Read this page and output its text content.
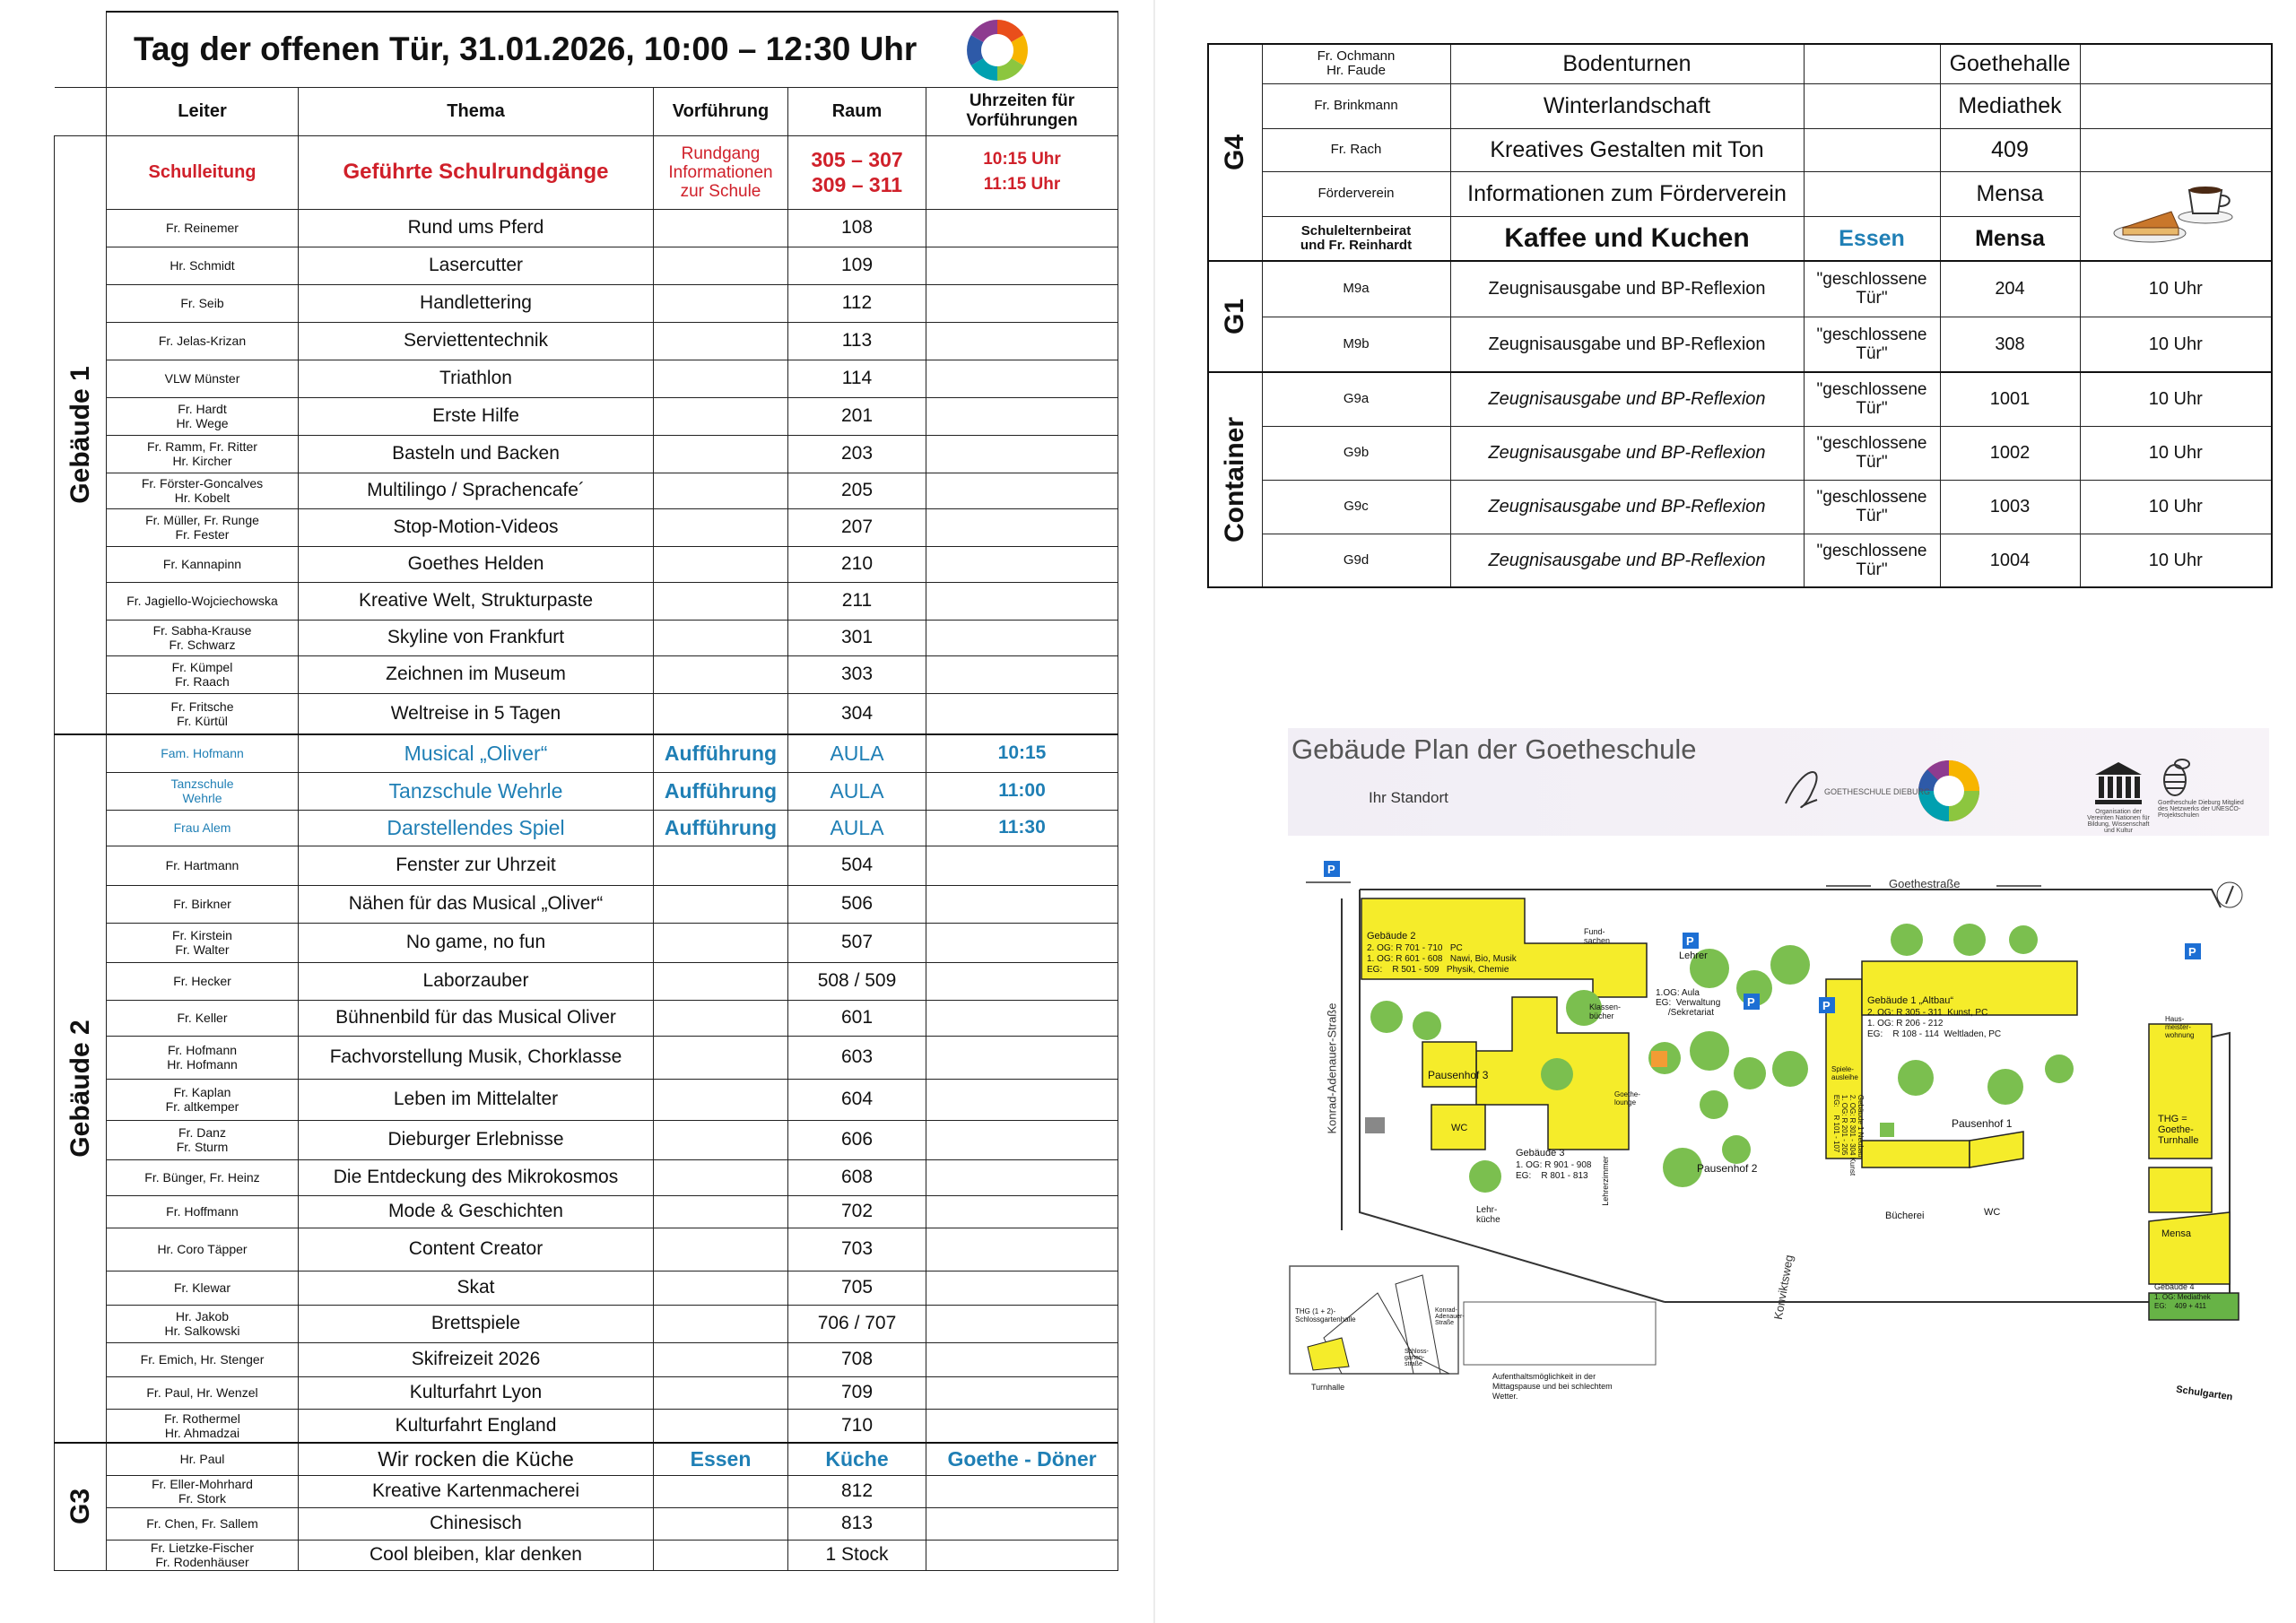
	Tag der offenen Tür, 31.01.2026, 10:00 – 12:30 Uhr				

	Leiter	Thema	Vorführung	Raum	Uhrzeiten für Vorführungen

Gebäude 1	Schulleitung	Geführte Schulrundgänge	Rundgang Informationen zur Schule	305 – 307
309 – 311	10:15 Uhr
11:15 Uhr
	Fr. Reinemer	Rund ums Pferd		108	
	Hr. Schmidt	Lasercutter		109	
	Fr. Seib	Handlettering		112	
	Fr. Jelas-Krizan	Serviettentechnik		113	
	VLW Münster	Triathlon		114	
	Fr. Hardt
Hr. Wege	Erste Hilfe		201	
	Fr. Ramm, Fr. Ritter
Hr. Kircher	Basteln und Backen		203	
	Fr. Förster-Goncalves
Hr. Kobelt	Multilingo / Sprachencafe´		205	
	Fr. Müller, Fr. Runge
Fr. Fester	Stop-Motion-Videos		207	
	Fr. Kannapinn	Goethes Helden		210	
	Fr. Jagiello-Wojciechowska	Kreative Welt, Strukturpaste		211	
	Fr. Sabha-Krause
Fr. Schwarz	Skyline von Frankfurt		301	
	Fr. Kümpel
Fr. Raach	Zeichnen im Museum		303	
	Fr. Fritsche
Fr. Kürtül	Weltreise in 5 Tagen		304	

Gebäude 2	Fam. Hofmann	Musical „Oliver“	Aufführung	AULA	10:15
	Tanzschule
Wehrle	Tanzschule Wehrle	Aufführung	AULA	11:00
	Frau Alem	Darstellendes Spiel	Aufführung	AULA	11:30
	Fr. Hartmann	Fenster zur Uhrzeit		504	
	Fr. Birkner	Nähen für das Musical „Oliver“		506	
	Fr. Kirstein
Fr. Walter	No game, no fun		507	
	Fr. Hecker	Laborzauber		508 / 509	
	Fr. Keller	Bühnenbild für das Musical Oliver		601	
	Fr. Hofmann
Hr. Hofmann	Fachvorstellung Musik, Chorklasse		603	
	Fr. Kaplan
Fr. altkemper	Leben im Mittelalter		604	
	Fr. Danz
Fr. Sturm	Dieburger Erlebnisse		606	
	Fr. Bünger, Fr. Heinz	Die Entdeckung des Mikrokosmos		608	
	Fr. Hoffmann	Mode & Geschichten		702	
	Hr. Coro Täpper	Content Creator		703	
	Fr. Klewar	Skat		705	
	Hr. Jakob
Hr. Salkowski	Brettspiele		706 / 707	
	Fr. Emich, Hr. Stenger	Skifreizeit 2026		708	
	Fr. Paul, Hr. Wenzel	Kulturfahrt Lyon		709	
	Fr. Rothermel
Hr. Ahmadzai	Kulturfahrt England		710	

G3	Hr. Paul	Wir rocken die Küche	Essen	Küche	Goethe - Döner
	Fr. Eller-Mohrhard
Fr. Stork	Kreative Kartenmacherei		812	
	Fr. Chen, Fr. Sallem	Chinesisch		813	
	Fr. Lietzke-Fischer
Fr. Rodenhäuser	Cool bleiben, klar denken		1 Stock	
G4	Fr. Ochmann
Hr. Faude	Bodenturnen		Goethehalle	
	Fr. Brinkmann	Winterlandschaft		Mediathek	
	Fr. Rach	Kreatives Gestalten mit Ton		409	
	Förderverein	Informationen zum Förderverein		Mensa	

	Schulelternbeirat
und Fr. Reinhardt	Kaffee und Kuchen	Essen	Mensa	

G1	M9a	Zeugnisausgabe und BP-Reflexion	"geschlossene Tür"	204	10 Uhr
	M9b	Zeugnisausgabe und BP-Reflexion	"geschlossene Tür"	308	10 Uhr

Container	G9a	Zeugnisausgabe und BP-Reflexion	"geschlossene Tür"	1001	10 Uhr
	G9b	Zeugnisausgabe und BP-Reflexion	"geschlossene Tür"	1002	10 Uhr
	G9c	Zeugnisausgabe und BP-Reflexion	"geschlossene Tür"	1003	10 Uhr
	G9d	Zeugnisausgabe und BP-Reflexion	"geschlossene Tür"	1004	10 Uhr
P
P
P	P
P
Gebäude Plan der Goetheschule
Ihr Standort	GOETHESCHULE DIEBURG
Organisation der Vereinten Nationen für Bildung, Wissenschaft und Kultur
Goetheschule Dieburg Mitglied des Netzwerks der UNESCO-Projektschulen
Goethestraße
Konrad-Adenauer-Straße
Konviktsweg
Pausenhof 1
Pausenhof 2
Pausenhof 3
Lehrer
Gebäude 2
2. OG: R 701 - 710   PC
1. OG: R 601 - 608   Nawi, Bio, Musik
EG:    R 501 - 509   Physik, Chemie
Fund-
sachen
1.OG: Aula
EG:  Verwaltung
/Sekretariat
Klassen-
bücher
Gebäude 1 „Altbau“
2. OG: R 305 - 311  Kunst, PC
1. OG: R 206 - 212
EG:    R 108 - 114  Weltladen, PC
Haus-
meister-
wohnung
Gebäude 3
1. OG: R 901 - 908
EG:    R 801 - 813
WC
Lehr-
küche
Lehrerzimmer
Goethe-
lounge
Spiele-
ausleihe
Gebäude 1 Neubau
2. OG: R 301 - 304 Kunst
1. OG: R 201 - 205
EG:    R 101 - 107
Bücherei	WC
THG =
Goethe-
Turnhalle
Mensa
Gebäude 4
1. OG: Mediathek
EG:    409 + 411
Schulgarten
THG (1 + 2)-
Schlossgartenhalle
Turnhalle
Konrad-
Adenauer-
Straße
Schloss-
garten-
straße
Aufenthaltsmöglichkeit in der Mittagspause und bei schlechtem Wetter.
